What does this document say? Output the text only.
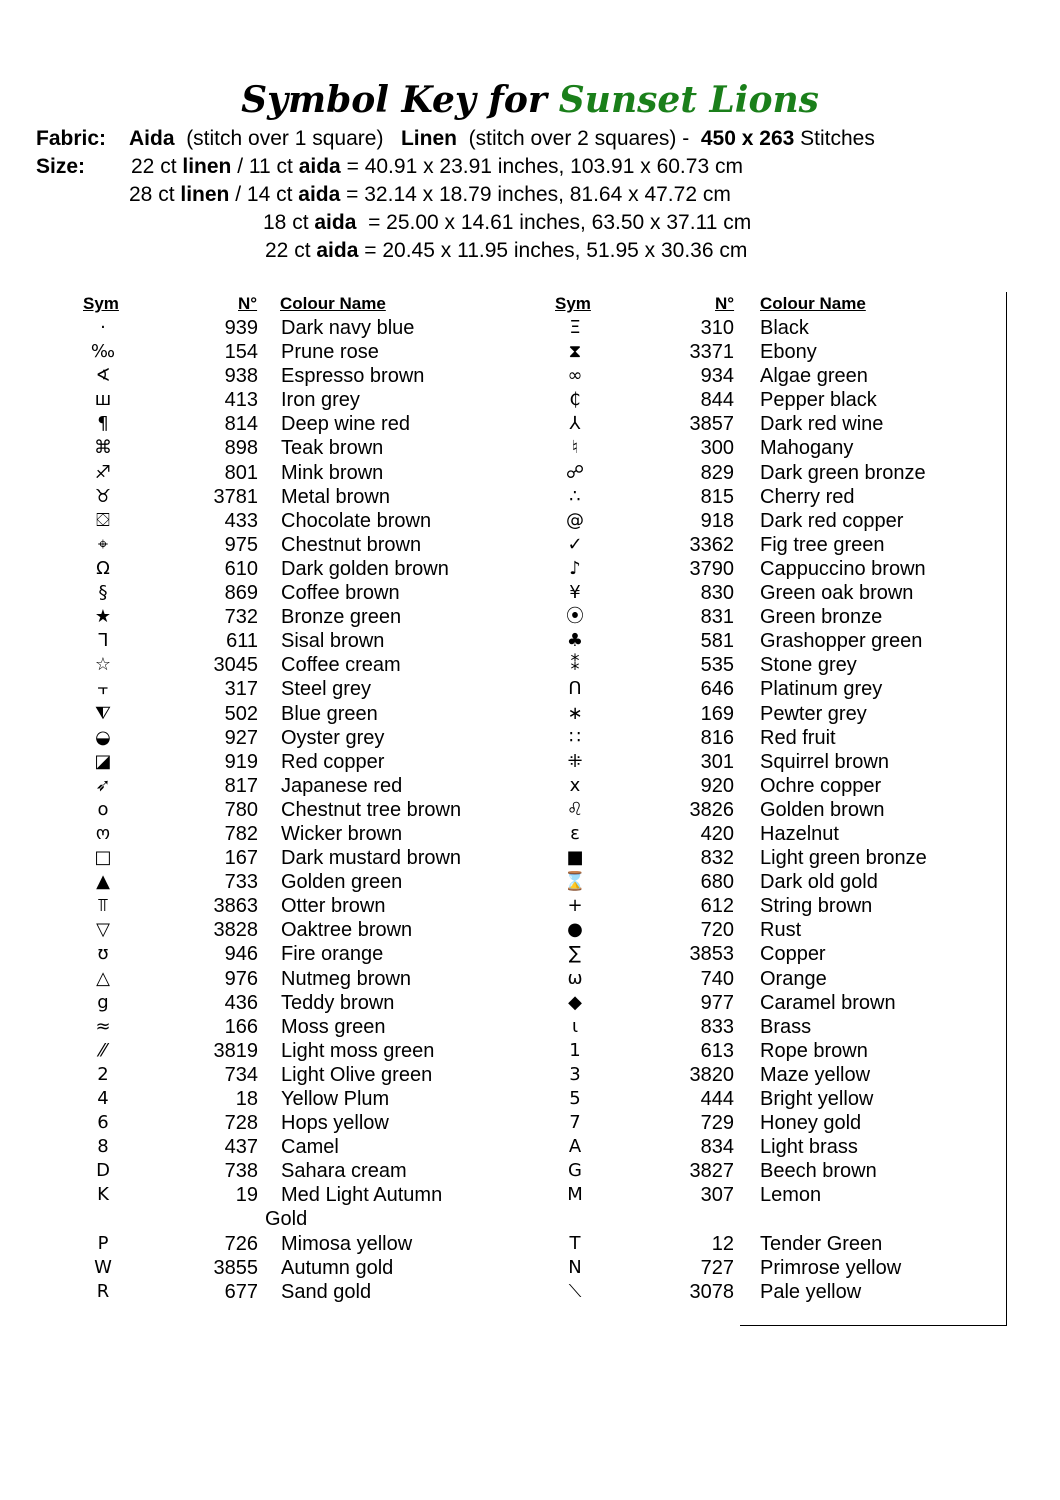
Symbol Key for Sunset Lions
Fabric: Aida (stitch over 1 square) Linen (stitch over 2 squares) - 450 x 263 Stitches
Size: 22 ct linen / 11 ct aida = 40.91 x 23.91 inches, 103.91 x 60.73 cm
28 ct linen / 14 ct aida = 32.14 x 18.79 inches, 81.64 x 47.72 cm
18 ct aida = 25.00 x 14.61 inches, 63.50 x 37.11 cm
22 ct aida = 20.45 x 11.95 inches, 51.95 x 30.36 cm
Sym	N° Colour Name
·	939 Dark navy blue
‰	154 Prune rose
∢	938 Espresso brown
ш	413 Iron grey
¶	814 Deep wine red
⌘	898 Teak brown
♐	801 Mink brown
♉	3781 Metal brown
⛋	433 Chocolate brown
⌖	975 Chestnut brown
Ω	610 Dark golden brown
§	869 Coffee brown
★	732 Bronze green
ᒣ	611 Sisal brown
☆	3045 Coffee cream
⫟	317 Steel grey
⧨	502 Blue green
◒	927 Oyster grey
◪	919 Red copper
➶	817 Japanese red
o	780 Chestnut tree brown
ო	782 Wicker brown
□	167 Dark mustard brown
▲	733 Golden green
⫪	3863 Otter brown
▽	3828 Oaktree brown
ʊ	946 Fire orange
△	976 Nutmeg brown
g	436 Teddy brown
≈	166 Moss green
⁄⁄	3819 Light moss green
2	734 Light Olive green
4	18 Yellow Plum
6	728 Hops yellow
8	437 Camel
D	738 Sahara cream
K	19 Med Light Autumn
Gold
P	726 Mimosa yellow
W	3855 Autumn gold
R	677 Sand gold
Sym	N° Colour Name
Ξ	310 Black
⧗	3371 Ebony
∞	934 Algae green
₵	844 Pepper black
⅄	3857 Dark red wine
♮	300 Mahogany
☍	829 Dark green bronze
∴	815 Cherry red
@	918 Dark red copper
✓	3362 Fig tree green
♪	3790 Cappuccino brown
¥	830 Green oak brown
⦿	831 Green bronze
♣	581 Grashopper green
⁑	535 Stone grey
ᑎ	646 Platinum grey
∗	169 Pewter grey
∷	816 Red fruit
⁜	301 Squirrel brown
x	920 Ochre copper
♌	3826 Golden brown
ɛ	420 Hazelnut
■	832 Light green bronze
⌛	680 Dark old gold
+	612 String brown
●	720 Rust
∑	3853 Copper
ω	740 Orange
◆	977 Caramel brown
ɩ	833 Brass
1	613 Rope brown
3	3820 Maze yellow
5	444 Bright yellow
7	729 Honey gold
A	834 Light brass
G	3827 Beech brown
M	307 Lemon
T	12 Tender Green
N	727 Primrose yellow
⟍	3078 Pale yellow
